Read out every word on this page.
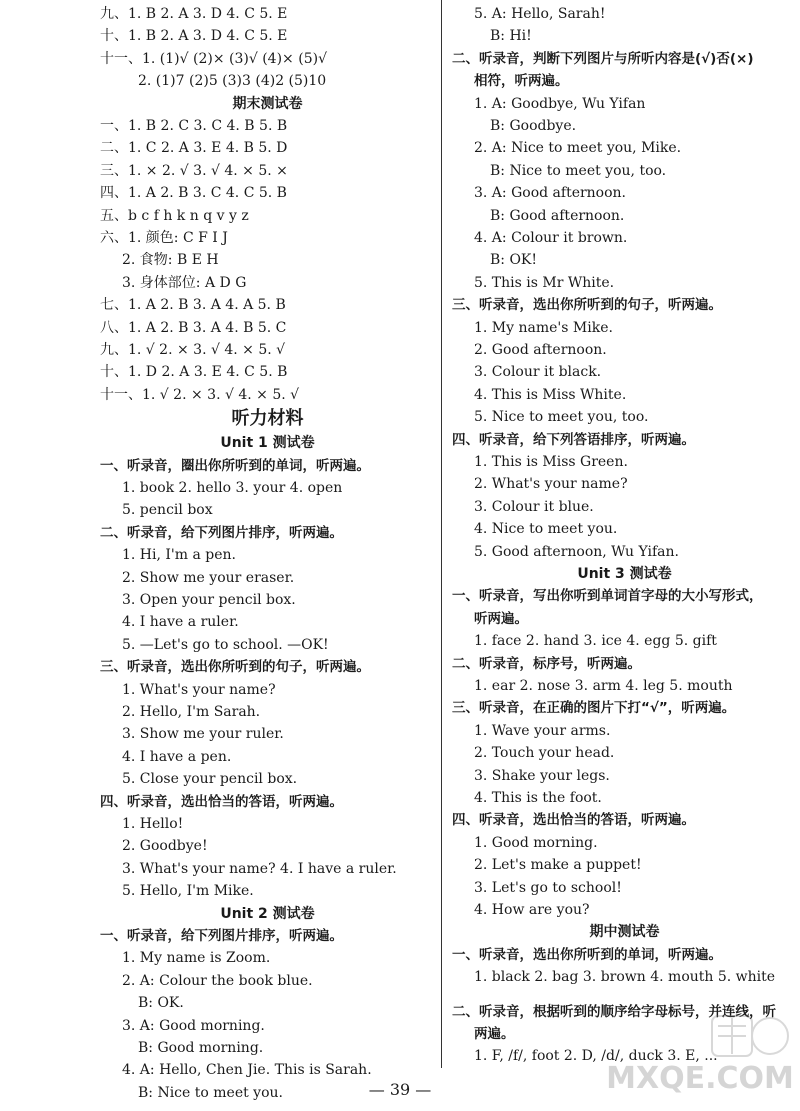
九、1. B 2. A 3. D 4. C 5. E
十、1. B 2. A 3. D 4. C 5. E
十一、1. (1)√ (2)× (3)√ (4)× (5)√
2. (1)7 (2)5 (3)3 (4)2 (5)10
期末测试卷
一、1. B 2. C 3. C 4. B 5. B
二、1. C 2. A 3. E 4. B 5. D
三、1. × 2. √ 3. √ 4. × 5. ×
四、1. A 2. B 3. C 4. C 5. B
五、b c f h k n q v y z
六、1. 颜色: C F I J
2. 食物: B E H
3. 身体部位: A D G
七、1. A 2. B 3. A 4. A 5. B
八、1. A 2. B 3. A 4. B 5. C
九、1. √ 2. × 3. √ 4. × 5. √
十、1. D 2. A 3. E 4. C 5. B
十一、1. √ 2. × 3. √ 4. × 5. √
听力材料
Unit 1 测试卷
一、听录音，圈出你所听到的单词，听两遍。
1. book 2. hello 3. your 4. open
5. pencil box
二、听录音，给下列图片排序，听两遍。
1. Hi, I'm a pen.
2. Show me your eraser.
3. Open your pencil box.
4. I have a ruler.
5. —Let's go to school. —OK!
三、听录音，选出你所听到的句子，听两遍。
1. What's your name?
2. Hello, I'm Sarah.
3. Show me your ruler.
4. I have a pen.
5. Close your pencil box.
四、听录音，选出恰当的答语，听两遍。
1. Hello!
2. Goodbye!
3. What's your name? 4. I have a ruler.
5. Hello, I'm Mike.
Unit 2 测试卷
一、听录音，给下列图片排序，听两遍。
1. My name is Zoom.
2. A: Colour the book blue.
B: OK.
3. A: Good morning.
B: Good morning.
4. A: Hello, Chen Jie. This is Sarah.
B: Nice to meet you.
5. A: Hello, Sarah!
B: Hi!
二、听录音，判断下列图片与所听内容是(√)否(×)
相符，听两遍。
1. A: Goodbye, Wu Yifan
B: Goodbye.
2. A: Nice to meet you, Mike.
B: Nice to meet you, too.
3. A: Good afternoon.
B: Good afternoon.
4. A: Colour it brown.
B: OK!
5. This is Mr White.
三、听录音，选出你所听到的句子，听两遍。
1. My name's Mike.
2. Good afternoon.
3. Colour it black.
4. This is Miss White.
5. Nice to meet you, too.
四、听录音，给下列答语排序，听两遍。
1. This is Miss Green.
2. What's your name?
3. Colour it blue.
4. Nice to meet you.
5. Good afternoon, Wu Yifan.
Unit 3 测试卷
一、听录音，写出你听到单词首字母的大小写形式，
听两遍。
1. face 2. hand 3. ice 4. egg 5. gift
二、听录音，标序号，听两遍。
1. ear 2. nose 3. arm 4. leg 5. mouth
三、听录音，在正确的图片下打“√”，听两遍。
1. Wave your arms.
2. Touch your head.
3. Shake your legs.
4. This is the foot.
四、听录音，选出恰当的答语，听两遍。
1. Good morning.
2. Let's make a puppet!
3. Let's go to school!
4. How are you?
期中测试卷
一、听录音，选出你所听到的单词，听两遍。
1. black 2. bag 3. brown 4. mouth 5. white
二、听录音，根据听到的顺序给字母标号，并连线，听
两遍。
1. F, /f/, foot 2. D, /d/, duck 3. E, ...
— 39 —	MXQE.COM
